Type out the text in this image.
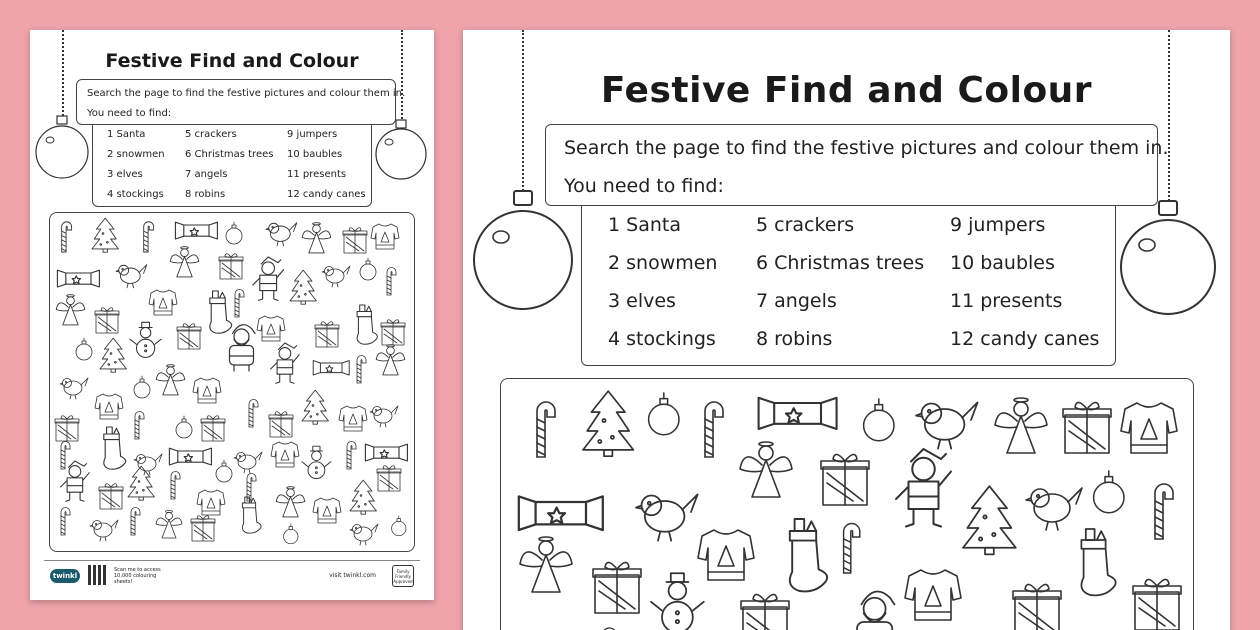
Festive Find and Colour
Search the page to find the festive pictures and colour them in.
You need to find:
1 Santa
2 snowmen
3 elves
4 stockings
5 crackers
6 Christmas trees
7 angels
8 robins
9 jumpers
10 baubles
11 presents
12 candy canes
twinkl
Scan me to access 10,000 colouring sheets!
visit twinkl.com
Family Friendly Approved
Festive Find and Colour
Search the page to find the festive pictures and colour them in.
You need to find:
1 Santa
2 snowmen
3 elves
4 stockings
5 crackers
6 Christmas trees
7 angels
8 robins
9 jumpers
10 baubles
11 presents
12 candy canes
